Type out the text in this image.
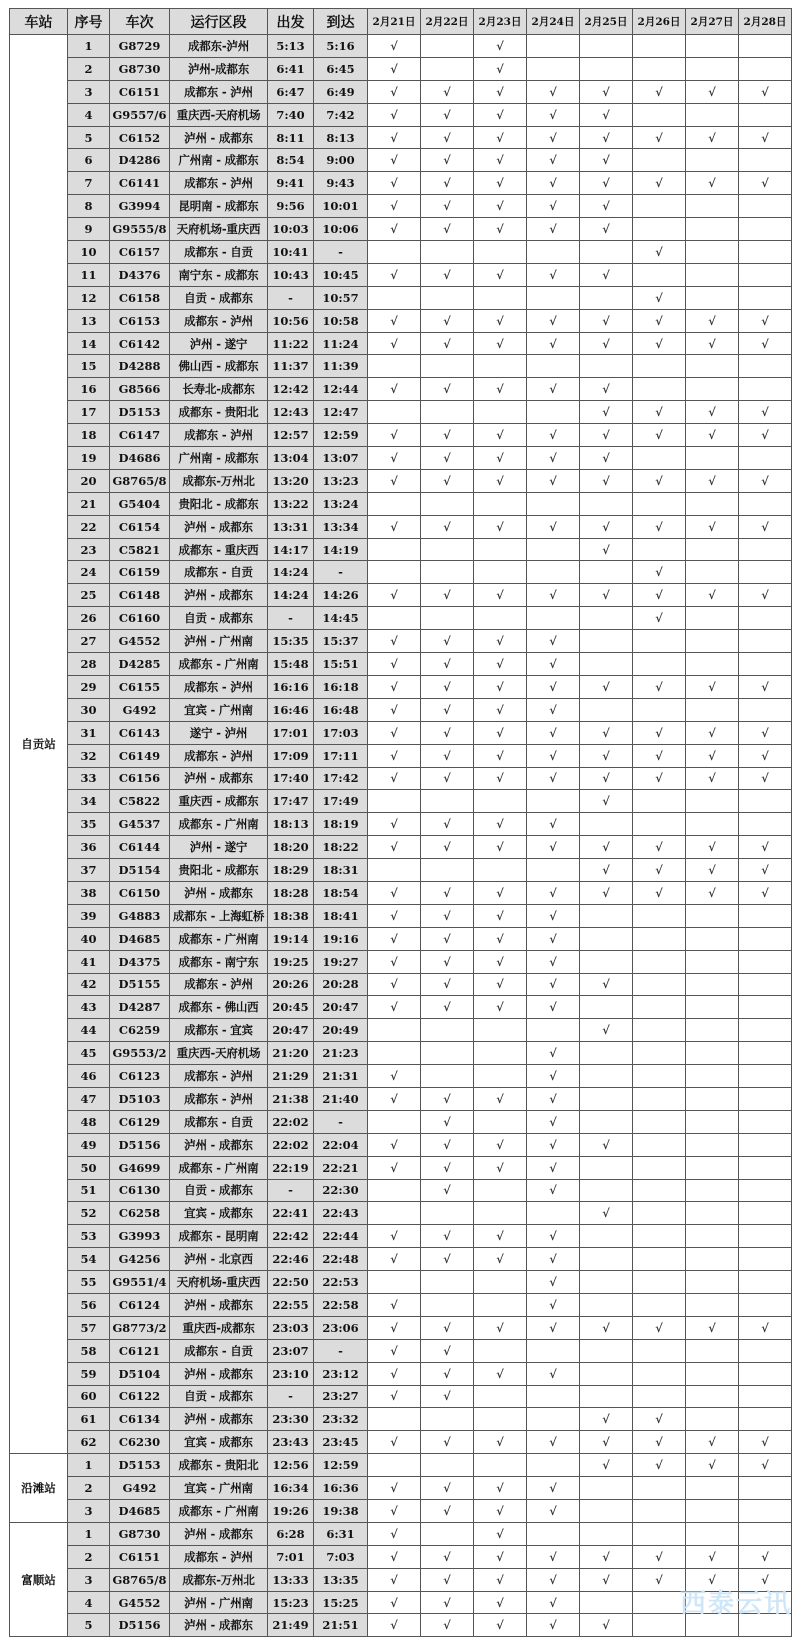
车站	序号	车次	运行区段	出发	到达	2月21日	2月22日	2月23日	2月24日	2月25日	2月26日	2月27日	2月28日
自贡站	1	G8729	成都东-泸州	5:13	5:16	√		√					
	2	G8730	泸州-成都东	6:41	6:45	√		√					
	3	C6151	成都东 - 泸州	6:47	6:49	√	√	√	√	√	√	√	√
	4	G9557/6	重庆西-天府机场	7:40	7:42	√	√	√	√	√			
	5	C6152	泸州 - 成都东	8:11	8:13	√	√	√	√	√	√	√	√
	6	D4286	广州南 - 成都东	8:54	9:00	√	√	√	√	√			
	7	C6141	成都东 - 泸州	9:41	9:43	√	√	√	√	√	√	√	√
	8	G3994	昆明南 - 成都东	9:56	10:01	√	√	√	√	√			
	9	G9555/8	天府机场-重庆西	10:03	10:06	√	√	√	√	√			
	10	C6157	成都东 - 自贡	10:41	-						√		
	11	D4376	南宁东 - 成都东	10:43	10:45	√	√	√	√	√			
	12	C6158	自贡 - 成都东	-	10:57						√		
	13	C6153	成都东 - 泸州	10:56	10:58	√	√	√	√	√	√	√	√
	14	C6142	泸州 - 遂宁	11:22	11:24	√	√	√	√	√	√	√	√
	15	D4288	佛山西 - 成都东	11:37	11:39								
	16	G8566	长寿北-成都东	12:42	12:44	√	√	√	√	√			
	17	D5153	成都东 - 贵阳北	12:43	12:47					√	√	√	√
	18	C6147	成都东 - 泸州	12:57	12:59	√	√	√	√	√	√	√	√
	19	D4686	广州南 - 成都东	13:04	13:07	√	√	√	√	√			
	20	G8765/8	成都东-万州北	13:20	13:23	√	√	√	√	√	√	√	√
	21	G5404	贵阳北 - 成都东	13:22	13:24								
	22	C6154	泸州 - 成都东	13:31	13:34	√	√	√	√	√	√	√	√
	23	C5821	成都东 - 重庆西	14:17	14:19					√			
	24	C6159	成都东 - 自贡	14:24	-						√		
	25	C6148	泸州 - 成都东	14:24	14:26	√	√	√	√	√	√	√	√
	26	C6160	自贡 - 成都东	-	14:45						√		
	27	G4552	泸州 - 广州南	15:35	15:37	√	√	√	√				
	28	D4285	成都东 - 广州南	15:48	15:51	√	√	√	√				
	29	C6155	成都东 - 泸州	16:16	16:18	√	√	√	√	√	√	√	√
	30	G492	宜宾 - 广州南	16:46	16:48	√	√	√	√				
	31	C6143	遂宁 - 泸州	17:01	17:03	√	√	√	√	√	√	√	√
	32	C6149	成都东 - 泸州	17:09	17:11	√	√	√	√	√	√	√	√
	33	C6156	泸州 - 成都东	17:40	17:42	√	√	√	√	√	√	√	√
	34	C5822	重庆西 - 成都东	17:47	17:49					√			
	35	G4537	成都东 - 广州南	18:13	18:19	√	√	√	√				
	36	C6144	泸州 - 遂宁	18:20	18:22	√	√	√	√	√	√	√	√
	37	D5154	贵阳北 - 成都东	18:29	18:31					√	√	√	√
	38	C6150	泸州 - 成都东	18:28	18:54	√	√	√	√	√	√	√	√
	39	G4883	成都东 - 上海虹桥	18:38	18:41	√	√	√	√				
	40	D4685	成都东 - 广州南	19:14	19:16	√	√	√	√				
	41	D4375	成都东 - 南宁东	19:25	19:27	√	√	√	√				
	42	D5155	成都东 - 泸州	20:26	20:28	√	√	√	√	√			
	43	D4287	成都东 - 佛山西	20:45	20:47	√	√	√	√				
	44	C6259	成都东 - 宜宾	20:47	20:49					√			
	45	G9553/2	重庆西-天府机场	21:20	21:23				√				
	46	C6123	成都东 - 泸州	21:29	21:31	√			√				
	47	D5103	成都东 - 泸州	21:38	21:40	√	√	√	√				
	48	C6129	成都东 - 自贡	22:02	-		√		√				
	49	D5156	泸州 - 成都东	22:02	22:04	√	√	√	√	√			
	50	G4699	成都东 - 广州南	22:19	22:21	√	√	√	√				
	51	C6130	自贡 - 成都东	-	22:30		√		√				
	52	C6258	宜宾 - 成都东	22:41	22:43					√			
	53	G3993	成都东 - 昆明南	22:42	22:44	√	√	√	√				
	54	G4256	泸州 - 北京西	22:46	22:48	√	√	√	√				
	55	G9551/4	天府机场-重庆西	22:50	22:53				√				
	56	C6124	泸州 - 成都东	22:55	22:58	√			√				
	57	G8773/2	重庆西-成都东	23:03	23:06	√	√	√	√	√	√	√	√
	58	C6121	成都东 - 自贡	23:07	-	√	√						
	59	D5104	泸州 - 成都东	23:10	23:12	√	√	√	√				
	60	C6122	自贡 - 成都东	-	23:27	√	√						
	61	C6134	泸州 - 成都东	23:30	23:32					√	√		
	62	C6230	宜宾 - 成都东	23:43	23:45	√	√	√	√	√	√	√	√
沿滩站	1	D5153	成都东 - 贵阳北	12:56	12:59					√	√	√	√
	2	G492	宜宾 - 广州南	16:34	16:36	√	√	√	√				
	3	D4685	成都东 - 广州南	19:26	19:38	√	√	√	√				
富顺站	1	G8730	泸州 - 成都东	6:28	6:31	√		√					
	2	C6151	成都东 - 泸州	7:01	7:03	√	√	√	√	√	√	√	√
	3	G8765/8	成都东-万州北	13:33	13:35	√	√	√	√	√	√	√	√
	4	G4552	泸州 - 广州南	15:23	15:25	√	√	√	√				
	5	D5156	泸州 - 成都东	21:49	21:51	√	√	√	√	√			
西泰云讯
